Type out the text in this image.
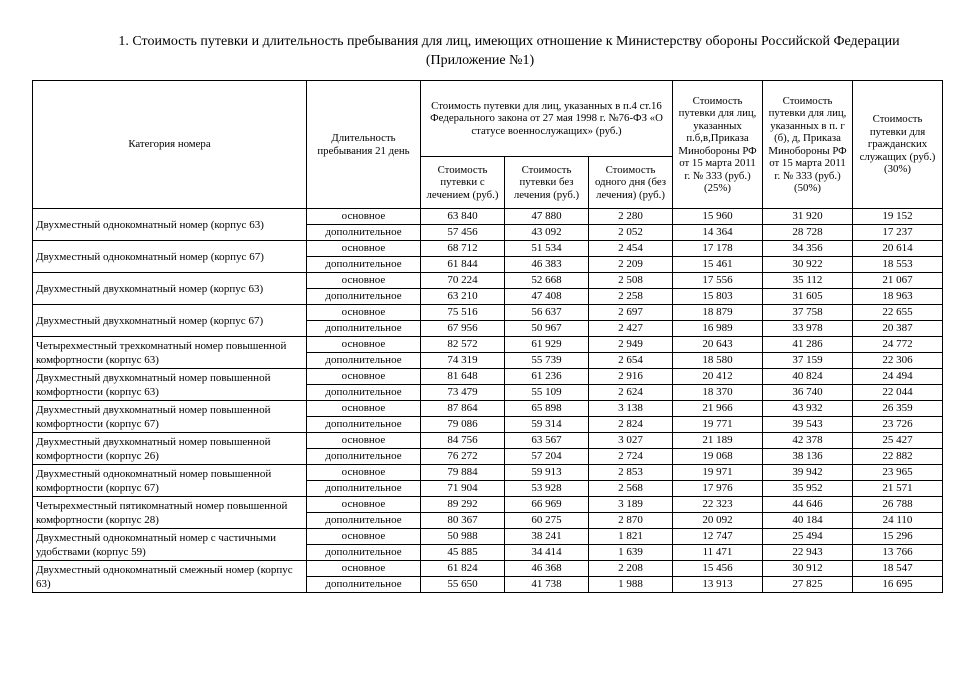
1. Стоимость путевки и длительность пребывания для лиц, имеющих отношение к Министерству обороны Российской Федерации
(Приложение №1)
Категория номера	Длительность пребывания 21 день	Стоимость путевки для лиц, указанных в п.4 ст.16 Федерального закона от 27 мая 1998 г. №76-ФЗ «О статусе военнослужащих» (руб.)			Стоимость путевки для лиц, указанных п.б,в,Приказа Минобороны РФ от 15 марта 2011 г. № 333 (руб.) (25%)	Стоимость путевки для лиц, указанных в п. г (б), д, Приказа Минобороны РФ от 15 марта 2011 г. № 333 (руб.) (50%)	Стоимость путевки для гражданских служащих (руб.) (30%)
		Стоимость путевки с лечением (руб.)	Стоимость путевки без лечения (руб.)	Стоимость одного дня (без лечения) (руб.)			
Двухместный однокомнатный номер (корпус 63)	основное	63 840	47 880	2 280	15 960	31 920	19 152
	дополнительное	57 456	43 092	2 052	14 364	28 728	17 237
Двухместный однокомнатный номер (корпус 67)	основное	68 712	51 534	2 454	17 178	34 356	20 614
	дополнительное	61 844	46 383	2 209	15 461	30 922	18 553
Двухместный двухкомнатный номер (корпус 63)	основное	70 224	52 668	2 508	17 556	35 112	21 067
	дополнительное	63 210	47 408	2 258	15 803	31 605	18 963
Двухместный двухкомнатный номер (корпус 67)	основное	75 516	56 637	2 697	18 879	37 758	22 655
	дополнительное	67 956	50 967	2 427	16 989	33 978	20 387
Четырехместный трехкомнатный номер повышенной комфортности (корпус 63)	основное	82 572	61 929	2 949	20 643	41 286	24 772
	дополнительное	74 319	55 739	2 654	18 580	37 159	22 306
Двухместный двухкомнатный номер повышенной комфортности (корпус 63)	основное	81 648	61 236	2 916	20 412	40 824	24 494
	дополнительное	73 479	55 109	2 624	18 370	36 740	22 044
Двухместный двухкомнатный номер повышенной комфортности (корпус 67)	основное	87 864	65 898	3 138	21 966	43 932	26 359
	дополнительное	79 086	59 314	2 824	19 771	39 543	23 726
Двухместный двухкомнатный номер повышенной комфортности (корпус 26)	основное	84 756	63 567	3 027	21 189	42 378	25 427
	дополнительное	76 272	57 204	2 724	19 068	38 136	22 882
Двухместный однокомнатный номер повышенной комфортности (корпус 67)	основное	79 884	59 913	2 853	19 971	39 942	23 965
	дополнительное	71 904	53 928	2 568	17 976	35 952	21 571
Четырехместный пятикомнатный номер повышенной комфортности (корпус 28)	основное	89 292	66 969	3 189	22 323	44 646	26 788
	дополнительное	80 367	60 275	2 870	20 092	40 184	24 110
Двухместный однокомнатный номер с частичными удобствами (корпус 59)	основное	50 988	38 241	1 821	12 747	25 494	15 296
	дополнительное	45 885	34 414	1 639	11 471	22 943	13 766
Двухместный однокомнатный смежный номер (корпус 63)	основное	61 824	46 368	2 208	15 456	30 912	18 547
	дополнительное	55 650	41 738	1 988	13 913	27 825	16 695
